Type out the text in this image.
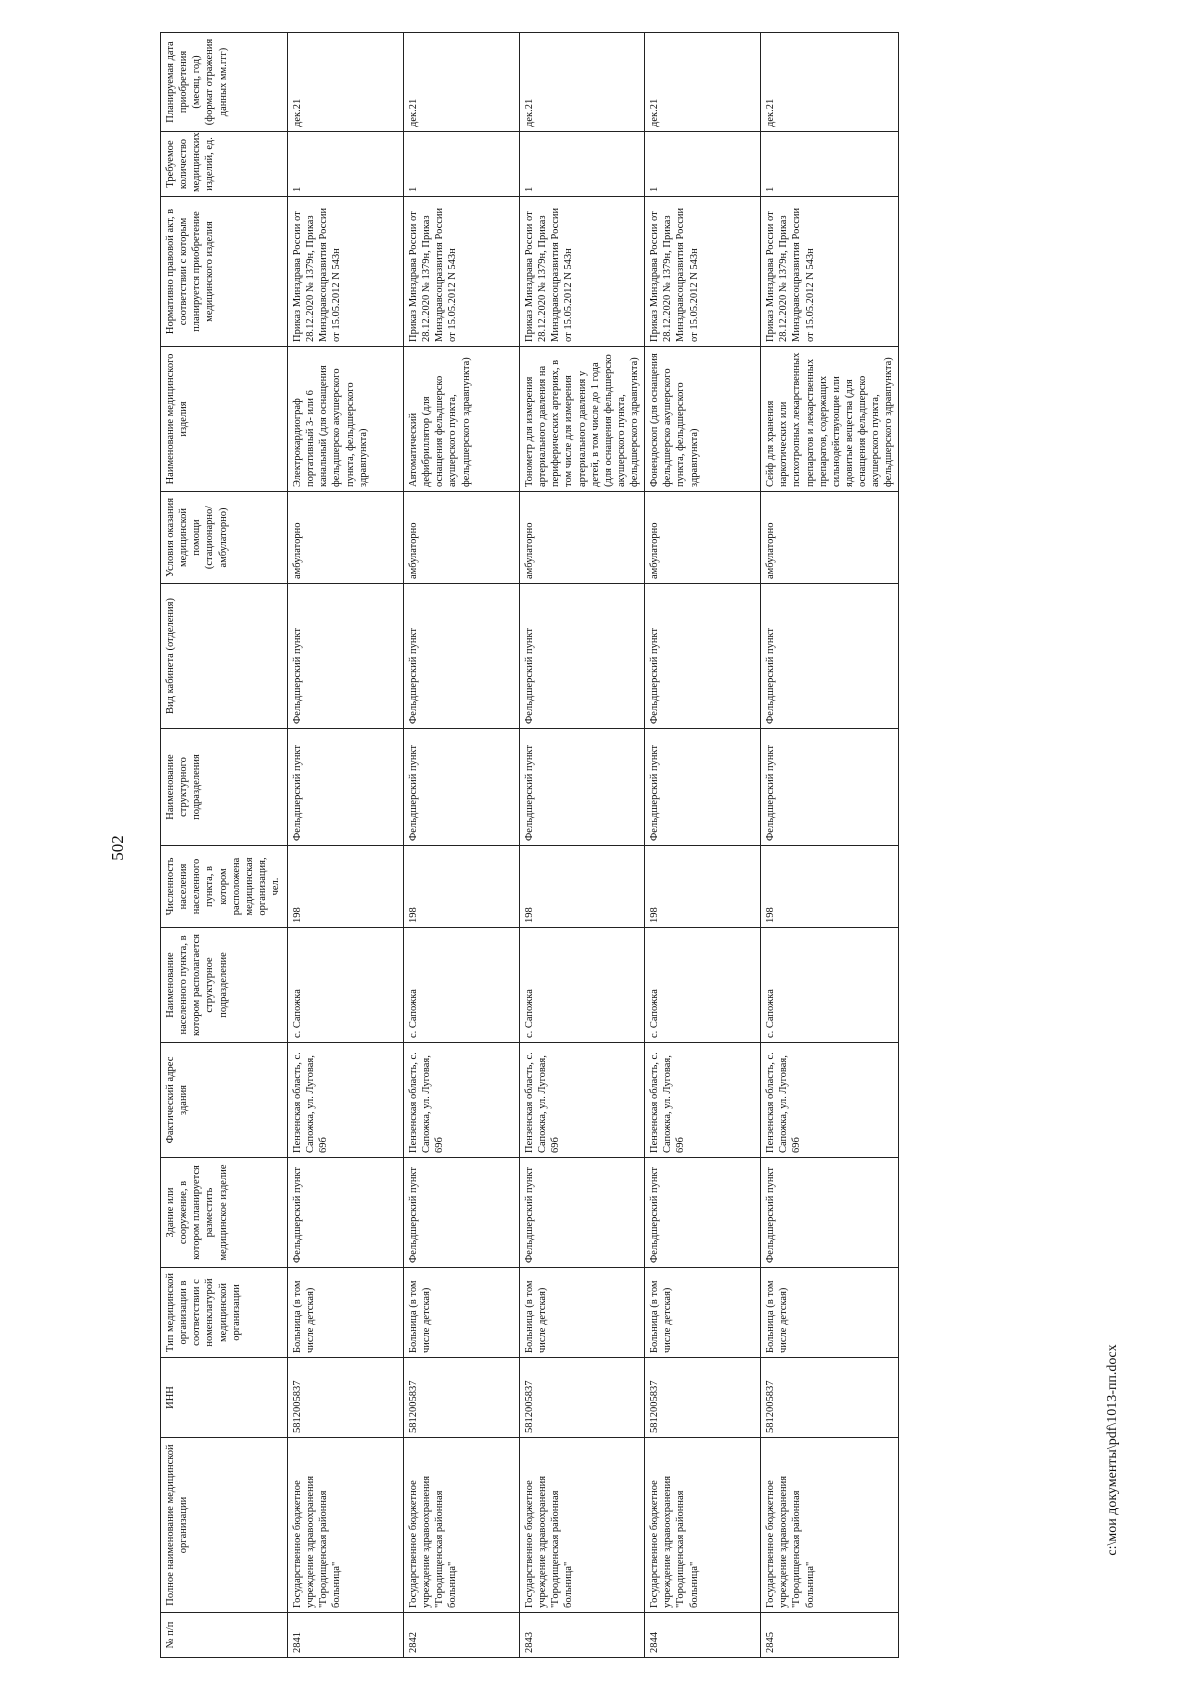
502
№ п/п	Полное наименование медицинской организации	ИНН	Тип медицинской организации в соответствии с номенклатурой медицинской организации	Здание или сооружение, в котором планируется разместить медицинское изделие	Фактический адрес здания	Наименование населенного пункта, в котором располагается структурное подразделение	Численность населения населенного пункта, в котором расположена медицинская организация, чел.	Наименование структурного подразделения	Вид кабинета (отделения)	Условия оказания медицинской помощи (стационарно/амбулаторно)	Наименование медицинского изделия	Нормативно правовой акт, в соответствии с которым планируется приобретение медицинского изделия	Требуемое количество медицинских изделий, ед.	Планируемая дата приобретения (месяц, год) (формат отражения данных мм.ггг)
2841	Государственное бюджетное учреждение здравоохранения "Городищенская районная больница"	5812005837	Больница (в том числе детская)	Фельдшерский пункт	Пензенская область, с. Сапожка, ул. Луговая, 69б	с. Сапожка	198	Фельдшерский пункт	Фельдшерский пункт	амбулаторно	Электрокардиограф портативный 3- или 6 канальный (для оснащения фельдшерско акушерского пункта, фельдшерского здравпункта)	Приказ Минздрава России от 28.12.2020 № 1379н, Приказ Минздравсоцразвития России от 15.05.2012 N 543н	1	дек.21
2842	Государственное бюджетное учреждение здравоохранения "Городищенская районная больница"	5812005837	Больница (в том числе детская)	Фельдшерский пункт	Пензенская область, с. Сапожка, ул. Луговая, 69б	с. Сапожка	198	Фельдшерский пункт	Фельдшерский пункт	амбулаторно	Автоматический дефибриллятор (для оснащения фельдшерско акушерского пункта, фельдшерского здравпункта)	Приказ Минздрава России от 28.12.2020 № 1379н, Приказ Минздравсоцразвития России от 15.05.2012 N 543н	1	дек.21
2843	Государственное бюджетное учреждение здравоохранения "Городищенская районная больница"	5812005837	Больница (в том числе детская)	Фельдшерский пункт	Пензенская область, с. Сапожка, ул. Луговая, 69б	с. Сапожка	198	Фельдшерский пункт	Фельдшерский пункт	амбулаторно	Тонометр для измерения артериального давления на периферических артериях, в том числе для измерения артериального давления у детей, в том числе до 1 года (для оснащения фельдшерско акушерского пункта, фельдшерского здравпункта)	Приказ Минздрава России от 28.12.2020 № 1379н, Приказ Минздравсоцразвития России от 15.05.2012 N 543н	1	дек.21
2844	Государственное бюджетное учреждение здравоохранения "Городищенская районная больница"	5812005837	Больница (в том числе детская)	Фельдшерский пункт	Пензенская область, с. Сапожка, ул. Луговая, 69б	с. Сапожка	198	Фельдшерский пункт	Фельдшерский пункт	амбулаторно	Фонендоскоп (для оснащения фельдшерско акушерского пункта, фельдшерского здравпункта)	Приказ Минздрава России от 28.12.2020 № 1379н, Приказ Минздравсоцразвития России от 15.05.2012 N 543н	1	дек.21
2845	Государственное бюджетное учреждение здравоохранения "Городищенская районная больница"	5812005837	Больница (в том числе детская)	Фельдшерский пункт	Пензенская область, с. Сапожка, ул. Луговая, 69б	с. Сапожка	198	Фельдшерский пункт	Фельдшерский пункт	амбулаторно	Сейф для хранения наркотических или психотропных лекарственных препаратов и лекарственных препаратов, содержащих сильнодействующие или ядовитые вещества (для оснащения фельдшерско акушерского пункта, фельдшерского здравпункта)	Приказ Минздрава России от 28.12.2020 № 1379н, Приказ Минздравсоцразвития России от 15.05.2012 N 543н	1	дек.21
c:\мои документы\pdf\1013-пп.docx
